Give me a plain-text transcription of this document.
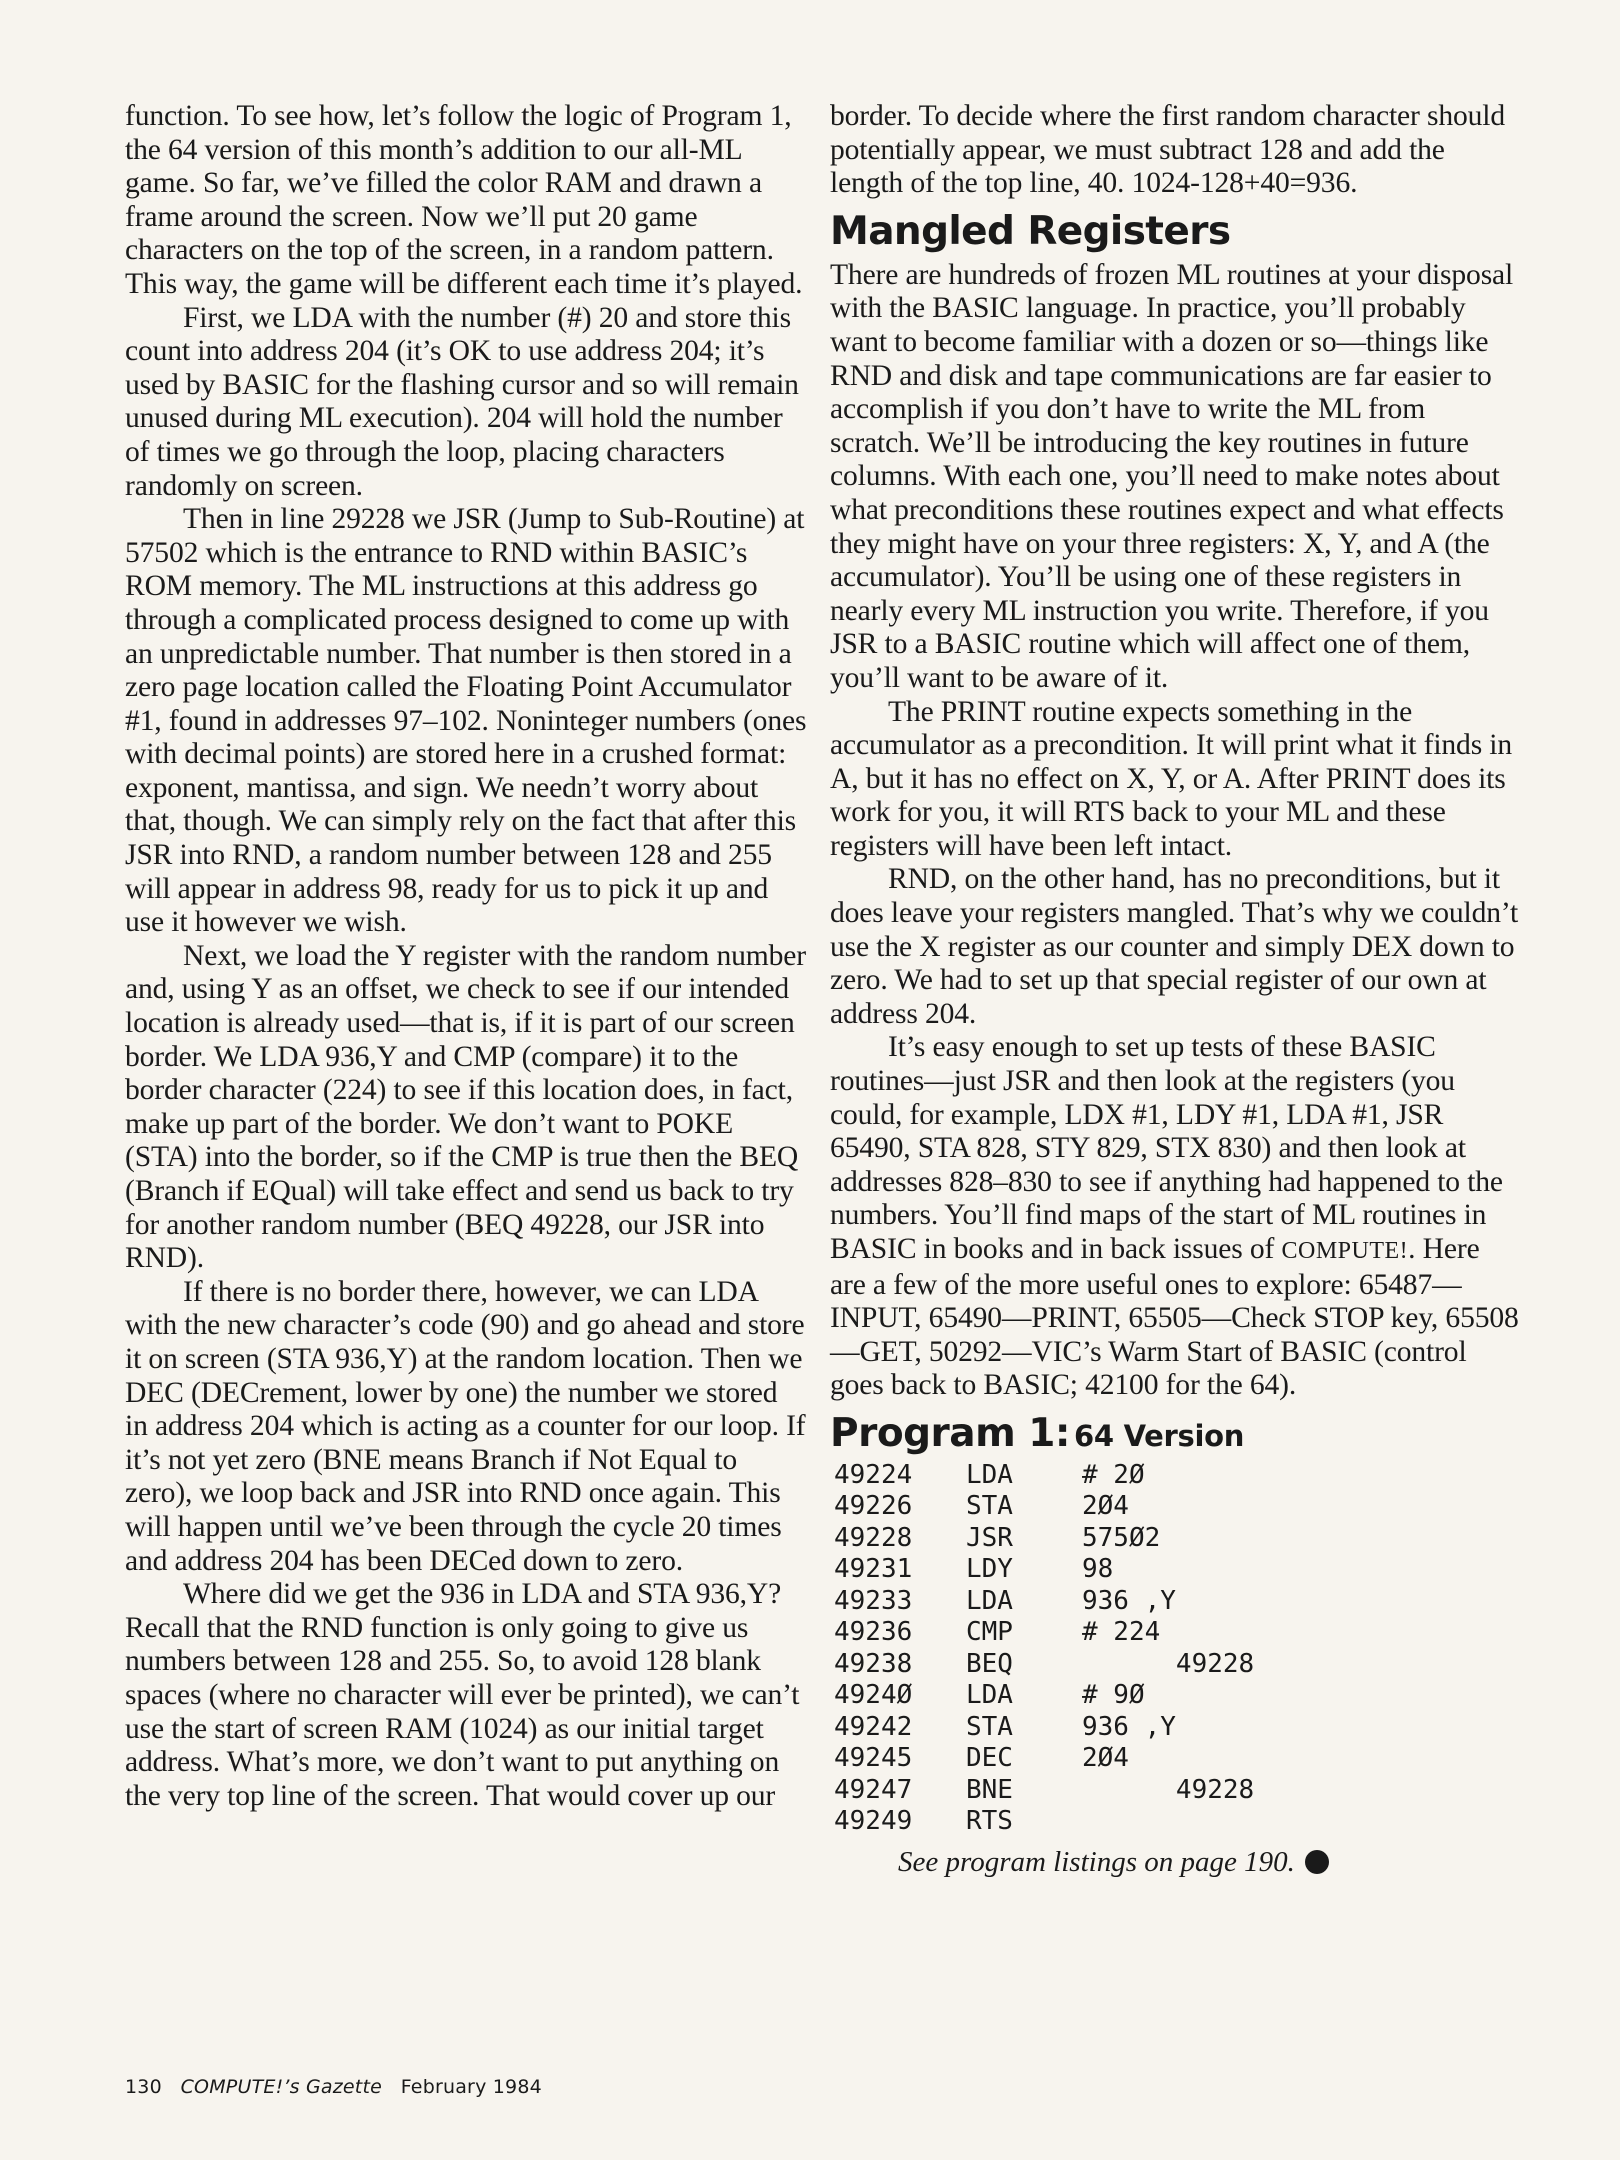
function. To see how, let’s follow the logic of Program 1, the 64 version of this month’s addition to our all-ML game. So far, we’ve filled the color RAM and drawn a frame around the screen. Now we’ll put 20 game characters on the top of the screen, in a random pattern. This way, the game will be different each time it’s played.

First, we LDA with the number (#) 20 and store this count into address 204 (it’s OK to use address 204; it’s used by BASIC for the flashing cursor and so will remain unused during ML execution). 204 will hold the number of times we go through the loop, placing characters randomly on screen.

Then in line 29228 we JSR (Jump to Sub-Routine) at 57502 which is the entrance to RND within BASIC’s ROM memory. The ML instructions at this address go through a complicated process designed to come up with an unpredictable number. That number is then stored in a zero page location called the Floating Point Accumulator #1, found in addresses 97–102. Noninteger numbers (ones with decimal points) are stored here in a crushed format: exponent, mantissa, and sign. We needn’t worry about that, though. We can simply rely on the fact that after this JSR into RND, a random number between 128 and 255 will appear in address 98, ready for us to pick it up and use it however we wish.

Next, we load the Y register with the random number and, using Y as an offset, we check to see if our intended location is already used—that is, if it is part of our screen border. We LDA 936,Y and CMP (compare) it to the border character (224) to see if this location does, in fact, make up part of the border. We don’t want to POKE (STA) into the border, so if the CMP is true then the BEQ (Branch if EQual) will take effect and send us back to try for another random number (BEQ 49228, our JSR into RND).

If there is no border there, however, we can LDA with the new character’s code (90) and go ahead and store it on screen (STA 936,Y) at the random location. Then we DEC (DECrement, lower by one) the number we stored in address 204 which is acting as a counter for our loop. If it’s not yet zero (BNE means Branch if Not Equal to zero), we loop back and JSR into RND once again. This will happen until we’ve been through the cycle 20 times and address 204 has been DECed down to zero.

Where did we get the 936 in LDA and STA 936,Y? Recall that the RND function is only going to give us numbers between 128 and 255. So, to avoid 128 blank spaces (where no character will ever be printed), we can’t use the start of screen RAM (1024) as our initial target address. What’s more, we don’t want to put anything on the very top line of the screen. That would cover up our

border. To decide where the first random character should potentially appear, we must subtract 128 and add the length of the top line, 40. 1024-128+40=936.

Mangled Registers

There are hundreds of frozen ML routines at your disposal with the BASIC language. In practice, you’ll probably want to become familiar with a dozen or so—things like RND and disk and tape communications are far easier to accomplish if you don’t have to write the ML from scratch. We’ll be introducing the key routines in future columns. With each one, you’ll need to make notes about what preconditions these routines expect and what effects they might have on your three registers: X, Y, and A (the accumulator). You’ll be using one of these registers in nearly every ML instruction you write. Therefore, if you JSR to a BASIC routine which will affect one of them, you’ll want to be aware of it.

The PRINT routine expects something in the accumulator as a precondition. It will print what it finds in A, but it has no effect on X, Y, or A. After PRINT does its work for you, it will RTS back to your ML and these registers will have been left intact.

RND, on the other hand, has no preconditions, but it does leave your registers mangled. That’s why we couldn’t use the X register as our counter and simply DEX down to zero. We had to set up that special register of our own at address 204.

It’s easy enough to set up tests of these BASIC routines—just JSR and then look at the registers (you could, for example, LDX #1, LDY #1, LDA #1, JSR 65490, STA 828, STY 829, STX 830) and then look at addresses 828–830 to see if anything had happened to the numbers. You’ll find maps of the start of ML routines in BASIC in books and in back issues of COMPUTE!. Here are a few of the more useful ones to explore: 65487—INPUT, 65490—PRINT, 65505—Check STOP key, 65508—GET, 50292—VIC’s Warm Start of BASIC (control goes back to BASIC; 42100 for the 64).

Program 1: 64 Version
49224 LDA	# 2Ø
49226 STA	2Ø4
49228 JSR	575Ø2
49231 LDY	98
49233 LDA	936 ,Y
49236 CMP	# 224
49238 BEQ	49228
4924Ø LDA	# 9Ø
49242 STA	936 ,Y
49245 DEC	2Ø4
49247 BNE	49228
49249 RTS
See program listings on page 190.
130 COMPUTE!’s Gazette February 1984
